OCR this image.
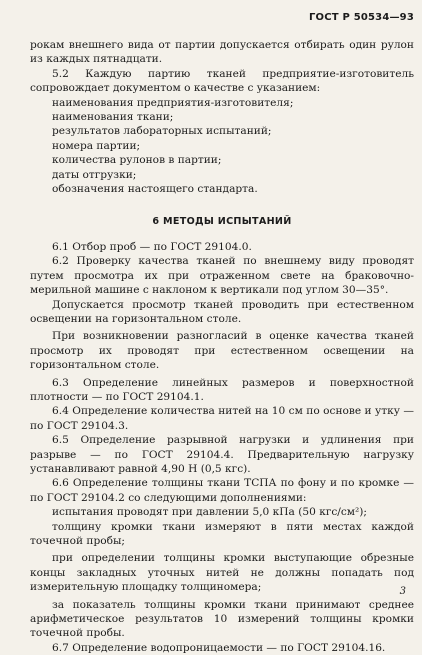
ГОСТ Р 50534—93

рокам внешнего вида от партии допускается отбирать один рулон из каждых пятнадцати.

5.2 Каждую партию тканей предприятие-изготовитель сопровождает документом о качестве с указанием:

наименования предприятия-изготовителя;
наименования ткани;
результатов лабораторных испытаний;
номера партии;
количества рулонов в партии;
даты отгрузки;
обозначения настоящего стандарта.
6 МЕТОДЫ ИСПЫТАНИЙ

6.1 Отбор проб — по ГОСТ 29104.0.

6.2 Проверку качества тканей по внешнему виду проводят путем просмотра их при отраженном свете на браковочно-мерильной машине с наклоном к вертикали под углом 30—35°.

Допускается просмотр тканей проводить при естественном освещении на горизонтальном столе.

При возникновении разногласий в оценке качества тканей просмотр их проводят при естественном освещении на горизонтальном столе.

6.3 Определение линейных размеров и поверхностной плотности — по ГОСТ 29104.1.

6.4 Определение количества нитей на 10 см по основе и утку — по ГОСТ 29104.3.

6.5 Определение разрывной нагрузки и удлинения при разрыве — по ГОСТ 29104.4. Предварительную нагрузку устанавливают равной 4,90 Н (0,5 кгс).

6.6 Определение толщины ткани ТСПА по фону и по кромке — по ГОСТ 29104.2 со следующими дополнениями:

испытания проводят при давлении 5,0 кПа (50 кгс/см²);

толщину кромки ткани измеряют в пяти местах каждой точечной пробы;

при определении толщины кромки выступающие обрезные концы закладных уточных нитей не должны попадать под измерительную площадку толщиномера;

за показатель толщины кромки ткани принимают среднее арифметическое результатов 10 измерений толщины кромки точечной пробы.

6.7 Определение водопроницаемости — по ГОСТ 29104.16.

3
